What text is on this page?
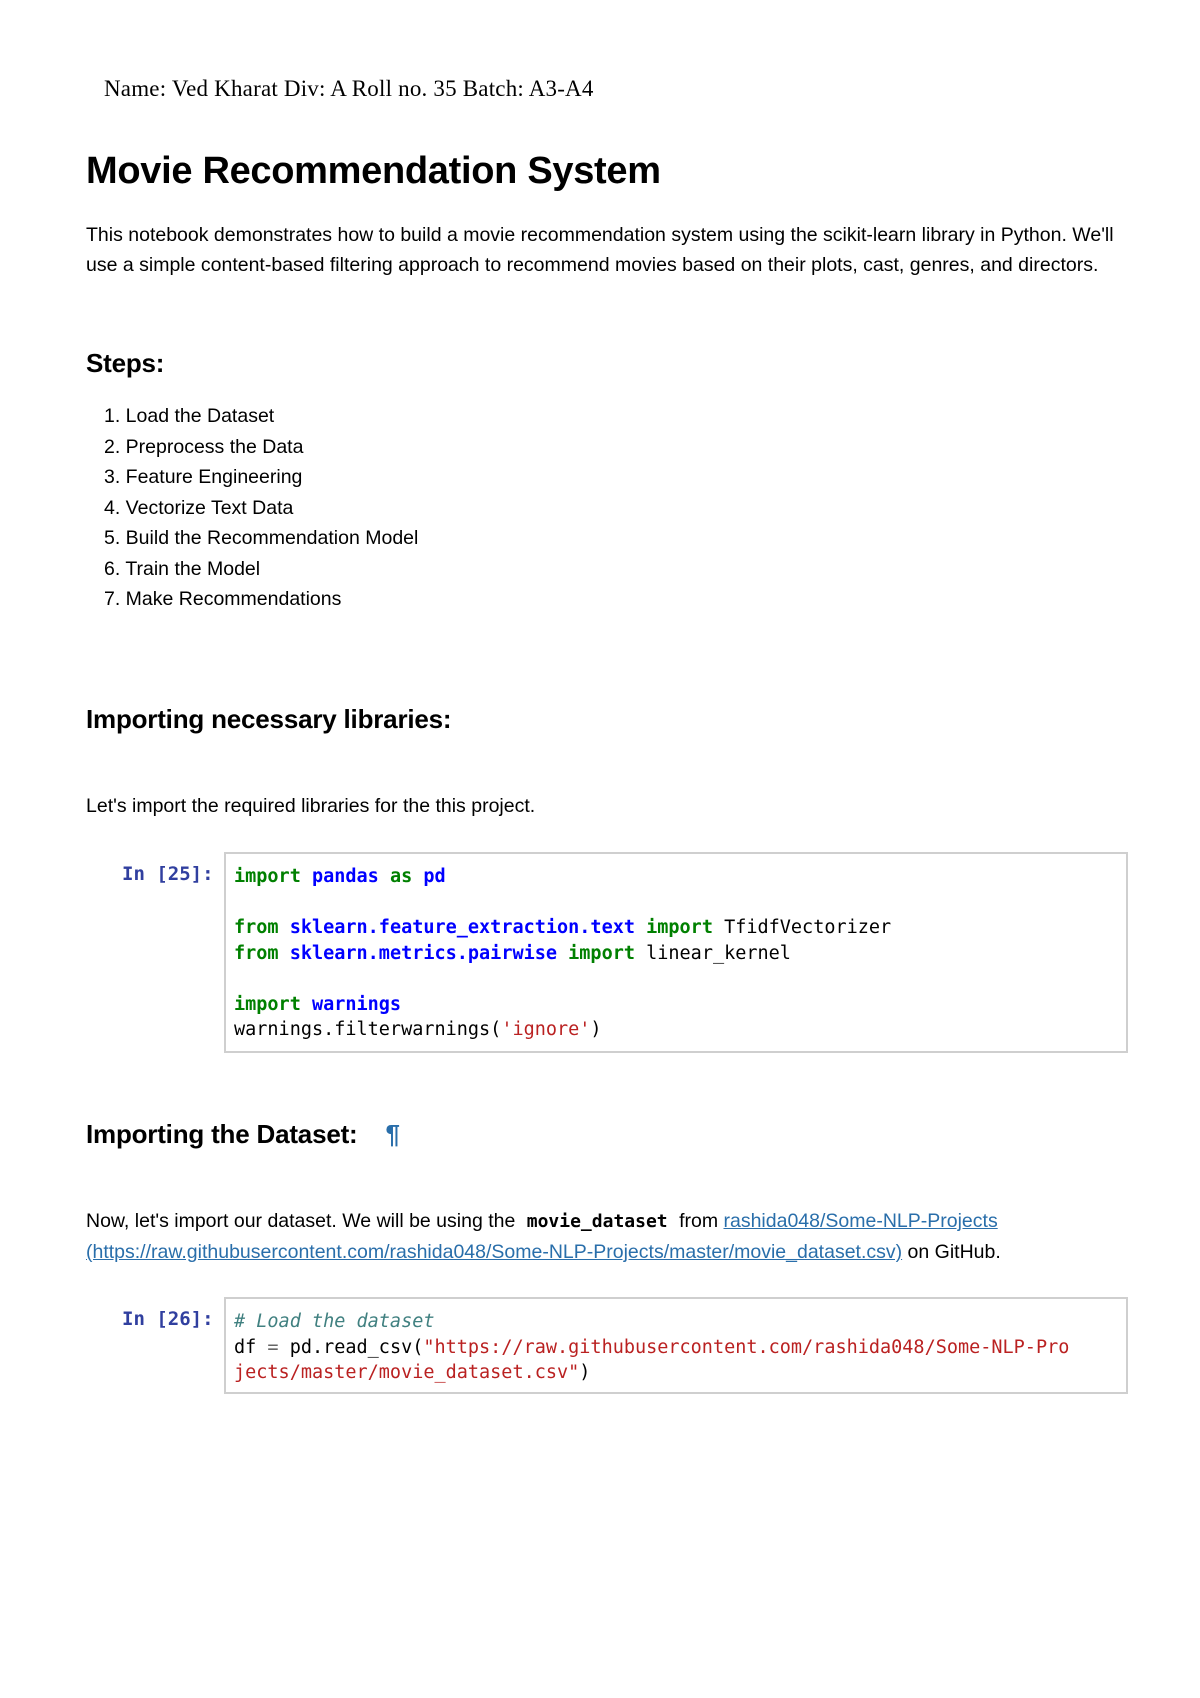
Name: Ved Kharat Div: A Roll no. 35 Batch: A3-A4
Movie Recommendation System

This notebook demonstrates how to build a movie recommendation system using the scikit-learn library in Python. We'll use a simple content-based filtering approach to recommend movies based on their plots, cast, genres, and directors.

Steps:
1. Load the Dataset
2. Preprocess the Data
3. Feature Engineering
4. Vectorize Text Data
5. Build the Recommendation Model
6. Train the Model
7. Make Recommendations
Importing necessary libraries:

Let's import the required libraries for the this project.

In [25]: import pandas as pd
from sklearn.feature_extraction.text import TfidfVectorizer
from sklearn.metrics.pairwise import linear_kernel
import warnings
warnings.filterwarnings('ignore')
Importing the Dataset: ¶

Now, let's import our dataset. We will be using the movie_dataset from rashida048/Some-NLP-Projects (https://raw.githubusercontent.com/rashida048/Some-NLP-Projects/master/movie_dataset.csv) on GitHub.

In [26]: # Load the dataset
df = pd.read_csv("https://raw.githubusercontent.com/rashida048/Some-NLP-Pro
jects/master/movie_dataset.csv")
